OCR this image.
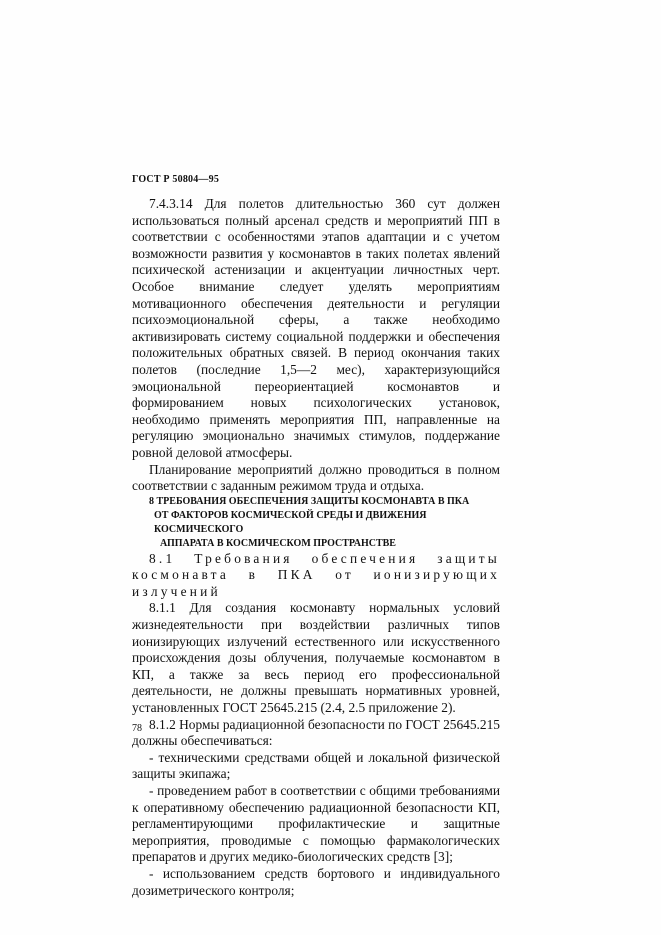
ГОСТ Р 50804—95

7.4.3.14 Для полетов длительностью 360 сут должен использоваться полный арсенал средств и мероприятий ПП в соответствии с особенностями этапов адаптации и с учетом возможности развития у космонавтов в таких полетах явлений психической астенизации и акцентуации личностных черт. Особое внимание следует уделять мероприятиям мотивационного обеспечения деятельности и регуляции психоэмоциональной сферы, а также необходимо активизировать систему социальной поддержки и обеспечения положительных обратных связей. В период окончания таких полетов (последние 1,5—2 мес), характеризующийся эмоциональной переориентацией космонавтов и формированием новых психологических установок, необходимо применять мероприятия ПП, направленные на регуляцию эмоционально значимых стимулов, поддержание ровной деловой атмосферы.

Планирование мероприятий должно проводиться в полном соответствии с заданным режимом труда и отдыха.

8 ТРЕБОВАНИЯ ОБЕСПЕЧЕНИЯ ЗАЩИТЫ КОСМОНАВТА В ПКА
ОТ ФАКТОРОВ КОСМИЧЕСКОЙ СРЕДЫ И ДВИЖЕНИЯ КОСМИЧЕСКОГО
АППАРАТА В КОСМИЧЕСКОМ ПРОСТРАНСТВЕ

8.1 Требования обеспечения защиты космонавта в ПКА от ионизирующих излучений

8.1.1 Для создания космонавту нормальных условий жизнедеятельности при воздействии различных типов ионизирующих излучений естественного или искусственного происхождения дозы облучения, получаемые космонавтом в КП, а также за весь период его профессиональной деятельности, не должны превышать нормативных уровней, установленных ГОСТ 25645.215 (2.4, 2.5 приложение 2).

8.1.2 Нормы радиационной безопасности по ГОСТ 25645.215 должны обеспечиваться:

- техническими средствами общей и локальной физической защиты экипажа;

- проведением работ в соответствии с общими требованиями к оперативному обеспечению радиационной безопасности КП, регламентирующими профилактические и защитные мероприятия, проводимые с помощью фармакологических препаратов и других медико-биологических средств [3];

- использованием средств бортового и индивидуального дозиметрического контроля;

78
